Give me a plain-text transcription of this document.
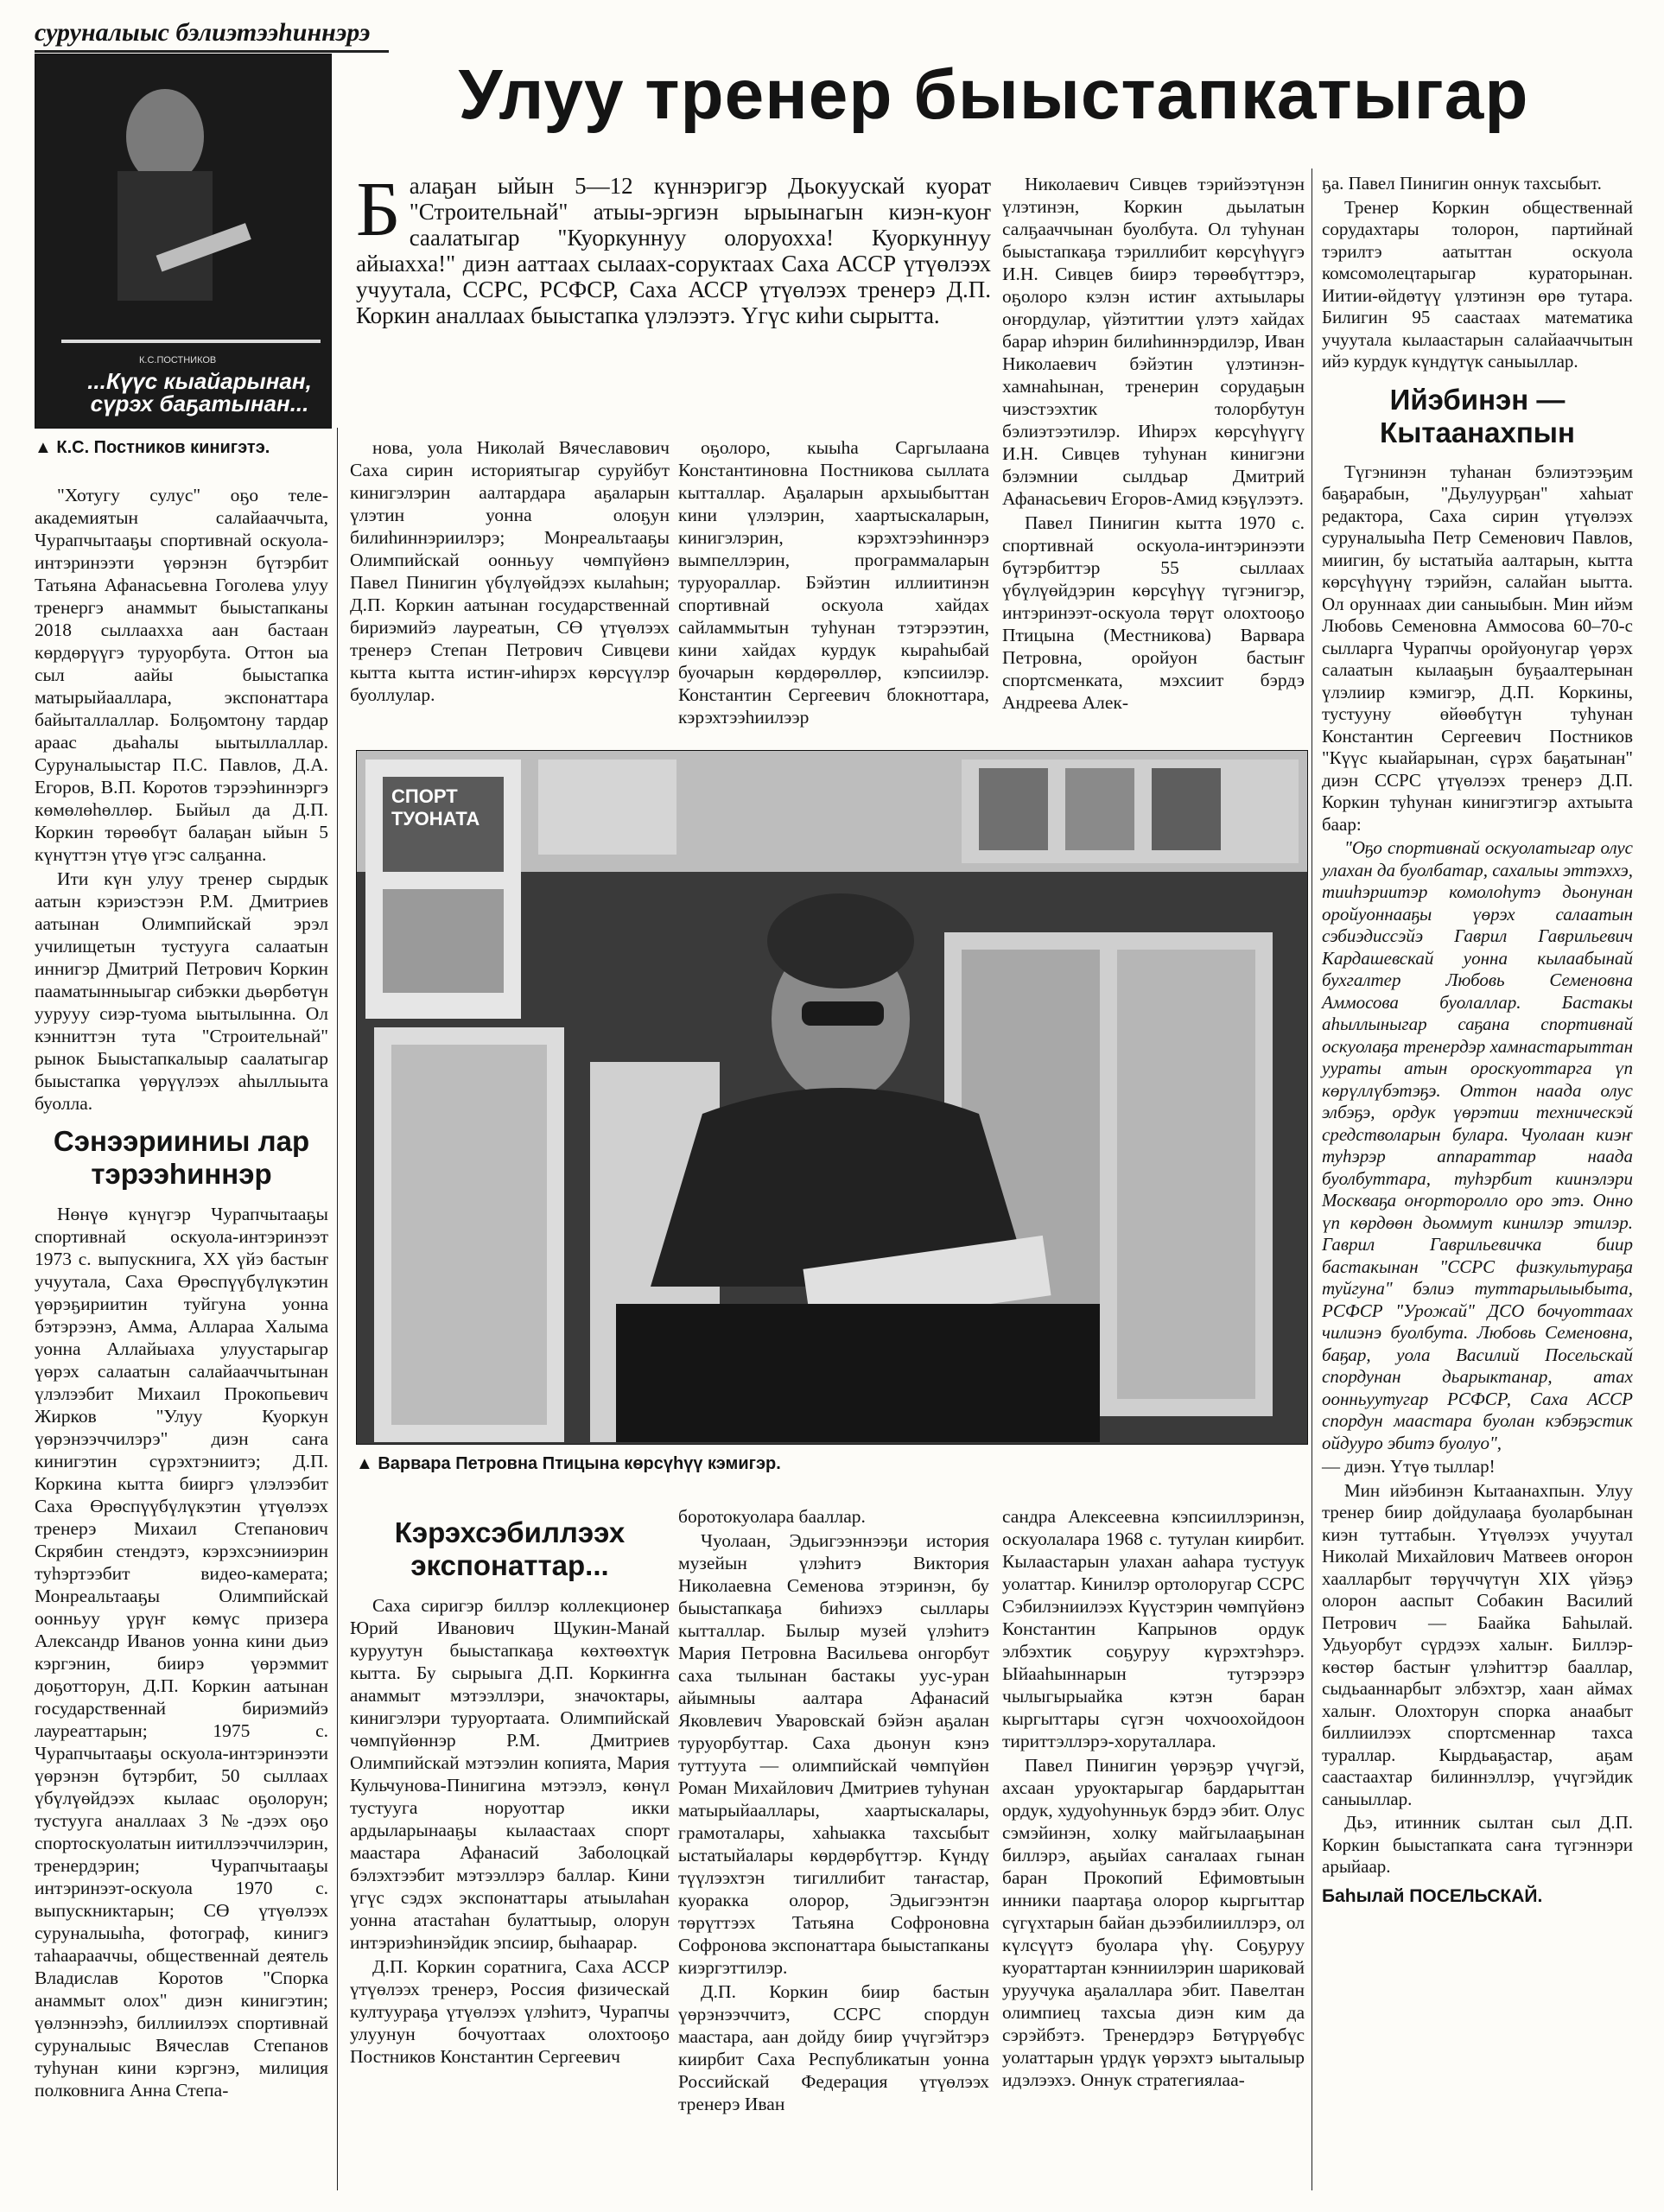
суруналыыс бэлиэтээhиннэрэ
Улуу тренер быыстапкатыгар
К.С.ПОСТНИКОВ
...Күүс кыайарынан, сүрэх баҕатынан...
▲ К.С. Постников кинигэтэ.
Балаҕан ыйын 5—12 күннэригэр Дьокуускай куорат "Строительнай" атыы-эргиэн ырыынагын киэн-куоҥ саалатыгар "Куоркуннуу олоруоххa! Куоркуннуу айыахха!" диэн ааттаах сылаах-соруктаах Саха АССР үтүөлээх учуутала, ССРС, РСФСР, Саха АССР үтүөлээх тренерэ Д.П. Коркин аналлаах быыстапка үлэлээтэ. Үгүс киhи сырытта.

"Хотугу сулус" оҕо теле-академиятын салайааччыта, Чурапчытааҕы спортивнай оскуола-интэринээти үөрэнэн бүтэрбит Татьяна Афанасьевна Гоголева улуу тренергэ анаммыт быыстапканы 2018 сыллаахха аан бастаан көрдөрүүгэ туруорбута. Оттон ыа сыл аайы быыстапка матырыйааллара, экспонаттара байыталлаллар. Болҕомтону тардар араас дьаhалы ыытыллаллар. Суруналыыстар П.С. Павлов, Д.А. Егоров, В.П. Коротов тэрээhиннэргэ көмөлөhөллөр. Быйыл да Д.П. Коркин төрөөбүт балаҕан ыйын 5 күнүттэн үтүө үгэс салҕанна.

Ити күн улуу тренер сырдык аатын кэриэстээн Р.М. Дмитриев аатынан Олимпийскай эрэл училищетын тустууга салаатын иннигэр Дмитрий Петрович Коркин пааматынныыгар сибэкки дьөрбөтүн уурууу сиэр-туома ыытылынна. Ол кэнниттэн тута "Строительнай" рынок Быыстапкалыыр саалатыгар быыстапка үөрүүлээх аhыллыыта буолла.

Сэнээрииниы лар тэрээhиннэр

Нөнүө күнүгэр Чурапчытааҕы спортивнай оскуола-интэринээт 1973 с. выпускнига, ХХ үйэ бастыҥ учуутала, Саха Өрөспүүбүлүкэтин үөрэҕириитин туйгуна уонна бэтэрээнэ, Амма, Аллараа Халыма уонна Аллайыаха улуустарыгар үөрэх салаатын салайааччытынан үлэлээбит Михаил Прокопьевич Жирков "Улуу Куоркун үөрэнээччилэрэ" диэн саҥа кинигэтин сүрэхтэниитэ; Д.П. Коркина кытта бииргэ үлэлээбит Саха Өрөспүүбүлүкэтин үтүөлээх тренерэ Михаил Степанович Скрябин стендэтэ, кэрэхсэнииэрин туhэртээбит видео-камерата; Монреальтааҕы Олимпийскай оонньуу үрүҥ көмүс призера Александр Иванов уонна кини дьиэ кэргэнин, биирэ үөрэммит доҕотторун, Д.П. Коркин аатынан государственнай бириэмийэ лауреаттарын; 1975 с. Чурапчытааҕы оскуола-интэринээти үөрэнэн бүтэрбит, 50 сыллаах үбүлүөйдээх кылаас оҕолорун; тустууга аналлаах 3 №-дээх оҕо спортоскуолатын иитиллээччилэрин, тренердэрин; Чурапчытааҕы интэринээт-оскуола 1970 с. выпускниктарын; СӨ үтүөлээх суруналыыhа, фотограф, кинигэ таhаарааччы, общественнай деятель Владислав Коротов "Спорка анаммыт олох" диэн кинигэтин; үөлэннээhэ, биллиилээх спортивнай суруналыыс Вячеслав Степанов туhунан кини кэргэнэ, милиция полковнига Анна Степа-

нова, уола Николай Вячеславович Саха сирин историятыгар суруйбут кинигэлэрин аалтардара аҕаларын үлэтин уонна олоҕун билиhиннэриилэрэ; Монреальтааҕы Олимпийскай оонньуу чөмпүйөнэ Павел Пинигин үбүлүөйдээх кылаhын; Д.П. Коркин аатынан государственнай бириэмийэ лауреатын, СӨ үтүөлээх тренерэ Степан Петрович Сивцеви кытта кытта истиҥ-иhирэх көрсүүлэр буоллулар.

оҕолоро, кыыhа Саргылаана Константиновна Постникова сыллата кытталлар. Аҕаларын архыыбыттан кини үлэлэрин, хаартыскаларын, кинигэлэрин, кэрэхтээhиннэрэ вымпеллэрин, программаларын туруораллар. Бэйэтин иллиитинэн спортивнай оскуола хайдах сайламмытын туhунан тэтэрээтин, кини хайдах курдук кыраhыбай буочарын көрдөрөллөр, кэпсиилэр. Константин Сергеевич блокноттара, кэрэхтээhиилээр

Николаевич Сивцев тэрийээтүнэн үлэтинэн, Коркин дьылатын салҕааччынан буолбута. Ол туhунан быыстапкаҕа тэриллибит көрсүhүүгэ И.Н. Сивцев биирэ төрөөбүттэрэ, оҕолоро кэлэн истиҥ ахтыылары оҥордулар, үйэтиттии үлэтэ хайдах барар иhэрин билиhиннэрдилэр, Иван Николаевич бэйэтин үлэтинэн-хамнаhынан, тренерин сорудаҕын чиэстээхтик толорбутун бэлиэтээтилэр. Иhирэх көрсүhүүгү И.Н. Сивцев туhунан кинигэни бэлэмнии сылдьар Дмитрий Афанасьевич Егоров-Амид кэҕүлээтэ.

Павел Пинигин кытта 1970 с. спортивнай оскуола-интэринээти бүтэрбиттэр 55 сыллаах үбүлүөйдэрин көрсүhүү түгэнигэр, интэринээт-оскуола төрүт олохтооҕо Птицына (Местникова) Варвара Петровна, оройуон бастыҥ спортсменката, мэхсиит бэрдэ Андреева Алек-

СПОРТ
ТУОНАТА
▲ Варвара Петровна Птицына көрсүhүү кэмигэр.
Кэрэхсэбиллээх экспонаттар...

Саха сиригэр биллэр коллекционер Юрий Иванович Щукин-Манай куруутун быыстапкаҕа көхтөөхтүк кытта. Бу сырыыга Д.П. Коркиҥҥа анаммыт мэтээллэри, значоктары, кинигэлэри туруортаата. Олимпийскай чөмпүйөннэр Р.М. Дмитриев Олимпийскай мэтээлин копията, Мария Кульчунова-Пинигина мэтээлэ, көнүл тустууга норуоттар икки ардыларынааҕы кылаастаах спорт маастара Афанасий Заболоцкай бэлэхтээбит мэтээллэрэ баллар. Кини үгүс сэдэх экспонаттары атыылаhан уонна атастаhан булаттыыр, олорун интэриэhинэйдик эпсиир, быhаарар.

Д.П. Коркин соратнига, Саха АССР үтүөлээх тренерэ, Россия физическай култуураҕа үтүөлээх үлэhитэ, Чурапчы улуунун бочуоттаах олохтооҕо Постников Константин Сергеевич

боротокуолара бааллар.

Чуолаан, Эдьигээннээҕи история музейын үлэhитэ Виктория Николаевна Семенова этэринэн, бу быыстапкаҕа биhиэхэ сыллары кытталлар. Былыр музей үлэhитэ Мария Петровна Васильева онгорбут саха тылынан бастакы уус-уран айымныы аалтара Афанасий Яковлевич Уваровскай бэйэн аҕалан туруорбуттар. Саха дьонун кэнэ туттуута — олимпийскай чөмпүйөн Роман Михайлович Дмитриев туhунан матырыйааллары, хаартыскалары, грамоталары, хаhыакка тахсыбыт ыстатыйалары көрдөрбүттэр. Күндү түүлээхтэн тигиллибит таҥастар, куоракка олорор, Эдьигээнтэн төрүттээх Татьяна Софроновна Софронова экспонаттара быыстапканы киэргэттилэр.

Д.П. Коркин биир бастын үөрэнээччитэ, ССРС спордун маастара, аан дойду биир үчүгэйтэрэ киирбит Саха Республикатын уонна Российскай Федерация үтүөлээх тренерэ Иван

сандра Алексеевна кэпсииллэринэн, оскуолалара 1968 с. тутулан киирбит. Кылаастарын улахан ааhара тустуук уолаттар. Кинилэр ортолоругар ССРС Сэбилэниилээх Күүстэрин чөмпүйөнэ Константин Капрынов ордук элбэхтик соҕуруу күрэхтэhэрэ. Ыйааhыннарын тутэрээрэ чылыгырыайка кэтэн баран кыргыттары сүгэн чохчоохойдоон тириттэллэрэ-хоруталлара.

Павел Пинигин үөрэҕэр үчүгэй, ахсаан уруоктарыгар бардарыттан ордук, худуоhунньук бэрдэ эбит. Олус сэмэйинэн, холку майгылааҕынан биллэрэ, аҕыйах саҥалаах гынан баран Прокопий Ефимовтыын инники паартаҕа олорор кыргыттар сүгүхтарын байан дьээбилииллэрэ, ол күлсүүтэ буолара үhү. Соҕуруу куораттартан кэнниилэрин шариковай уруучука аҕалаллара эбит. Павелтан олимпиец тахсыа диэн ким да сэрэйбэтэ. Тренердэрэ Бөтүрүөбүс уолаттарын үрдүк үөрэхтэ ыыталыыр идэлээхэ. Оннук стратегиялаа-

ҕа. Павел Пинигин оннук тахсыбыт.

Тренер Коркин общественнай сорудахтары толорон, партийнай тэрилтэ аатыттан оскуола комсомолецтарыгар кураторынан. Иитии-өйдөтүү үлэтинэн өрө тутара. Билигин 95 саастаах математика учуутала кылаастарын салайааччытын ийэ курдук күндүтүк саныыллар.

Ийэбинэн — Кытаанахпын

Түгэнинэн туhанан бэлиэтээҕим баҕарабын, "Дьулуурҕан" хаhыат редактора, Саха сирин үтүөлээх суруналыыhа Петр Семенович Павлов, миигин, бу ыстатыйа аалтарын, кытта көрсүhүүнү тэрийэн, салайан ыытта. Ол оруннаах дии саныыбын. Мин ийэм Любовь Семеновна Аммосова 60–70-с сылларга Чурапчы оройуонугар үөрэх салаатын кылааҕын буҕаалтерынан үлэлиир кэмигэр, Д.П. Коркины, тустууну өйөөбүтүн туhунан Константин Сергеевич Постников "Күүс кыайарынан, сүрэх баҕатынан" диэн ССРС үтүөлээх тренерэ Д.П. Коркин туhунан кинигэтигэр ахтыыта баар:

"Оҕо спортивнай оскуолатыгар олус улахан да буолбатар, сахалыы эттэххэ, тииhэриитэр комолоhутэ дьонунан оройуоннааҕы үөрэх салаатын сэбиэдиссэйэ Гаврил Гаврильевич Кардашевскай уонна кылаабынай бухгалтер Любовь Семеновна Аммосова буолаллар. Бастакы аhыллыныгар саҕана спортивнай оскуолаҕа тренердэр хамнастарыттан уураты атын ороскуоттарга үп көрүллүбэтэҕэ. Оттон наада олус элбэҕэ, ордук үөрэтии техническэй средстволарын булара. Чуолаан киэҥ туhэрэр аппараттар наада буолбуттара, туhэрбит киинэлэри Москваҕа оҥорторолло оро этэ. Онно үп көрдөөн дьоммут кинилэр этилэр. Гаврил Гаврильевичка биир бастакынан "ССРС физкультураҕа туйгуна" бэлиэ туттарылыыбыта, РСФСР "Урожай" ДСО бочуоттаах чилиэнэ буолбута. Любовь Семеновна, баҕар, уола Василий Посельскай спордунан дьарыктанар, атах оонньуутугар РСФСР, Саха АССР спордун маастара буолан кэбэҕэстик ойдууро эбитэ буолуо",

— диэн. Үтүө тыллар!

Мин ийэбинэн Кытаанахпын. Улуу тренер биир дойдулааҕа буоларбынан киэн туттабын. Үтүөлээх учуутал Николай Михайлович Матвеев оҥорон хаалларбыт төрүччүтүн ХIХ үйэҕэ олорон ааспыт Собакин Василий Петрович — Баайка Баhылай. Удьуорбут сүрдээх халыҥ. Биллэр-көстөр бастыҥ үлэhиттэр бааллар, сыдьааннарбыт элбэхтэр, хаан аймах халыҥ. Олохторун спорка анаабыт биллиилээх спортсменнар тахса тураллар. Кырдьаҕастар, аҕам саастаахтар билиннэллэр, үчүгэйдик саныыллар.

Дьэ, итинник сылтан сыл Д.П. Коркин быыстапката саҥа түгэннэри арыйаар.

Баhылай ПОСЕЛЬСКАЙ.
